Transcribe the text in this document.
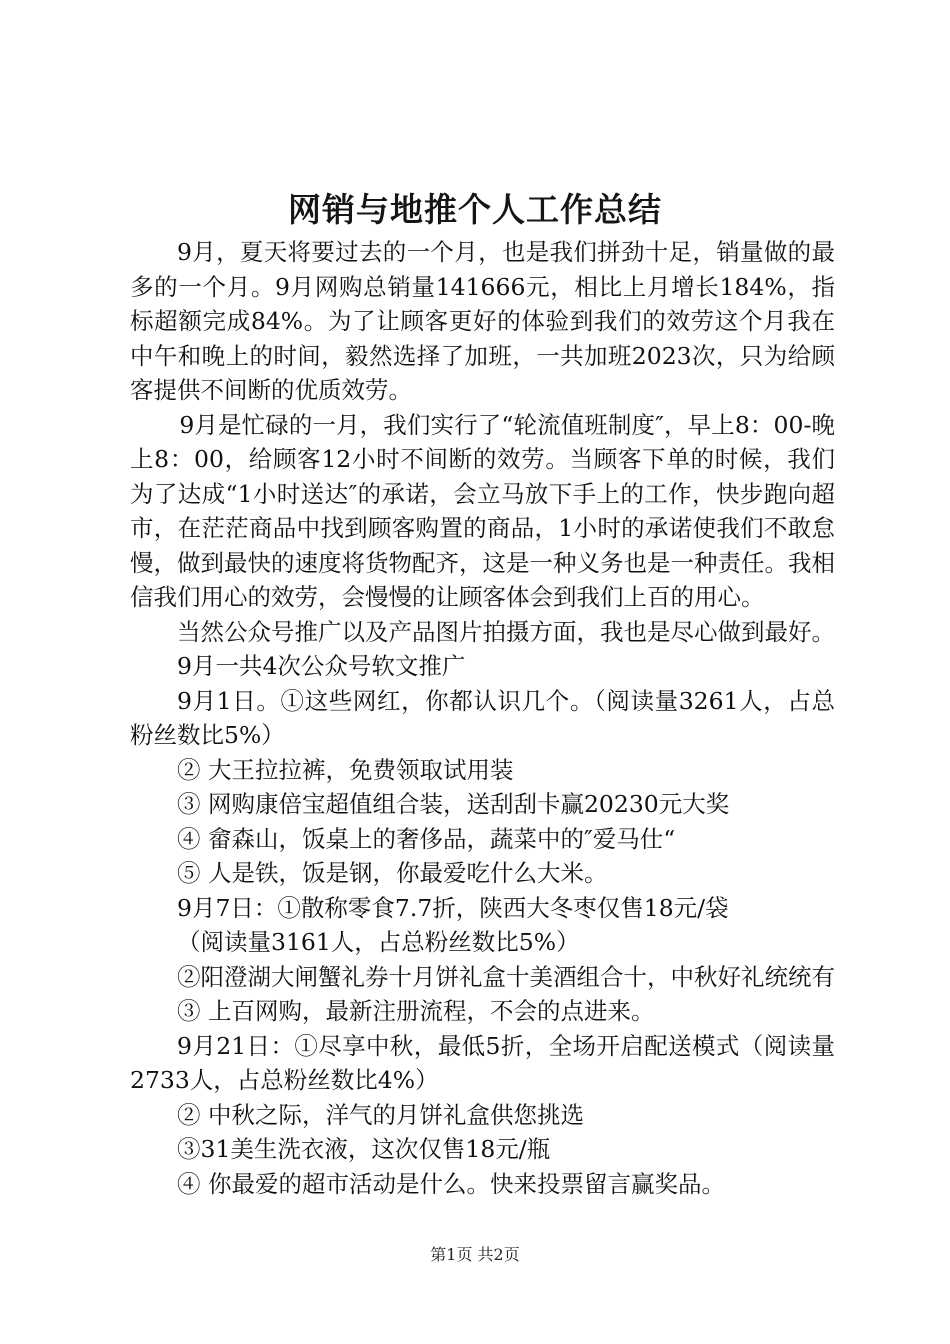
网销与地推个人工作总结

9月，夏天将要过去的一个月，也是我们拼劲十足，销量做的最多的一个月。9月网购总销量141666元，相比上月增长184%，指标超额完成84%。为了让顾客更好的体验到我们的效劳这个月我在中午和晚上的时间，毅然选择了加班，一共加班2023次，只为给顾客提供不间断的优质效劳。

9月是忙碌的一月，我们实行了“轮流值班制度″，早上8：00-晚上8：00，给顾客12小时不间断的效劳。当顾客下单的时候，我们为了达成“1小时送达″的承诺，会立马放下手上的工作，快步跑向超市，在茫茫商品中找到顾客购置的商品，1小时的承诺使我们不敢怠慢，做到最快的速度将货物配齐，这是一种义务也是一种责任。我相信我们用心的效劳，会慢慢的让顾客体会到我们上百的用心。

当然公众号推广以及产品图片拍摄方面，我也是尽心做到最好。

9月一共4次公众号软文推广

9月1日。①这些网红，你都认识几个。（阅读量3261人，占总粉丝数比5%）

② 大王拉拉裤，免费领取试用装

③ 网购康倍宝超值组合装，送刮刮卡赢20230元大奖

④ 畲森山，饭桌上的奢侈品，蔬菜中的″爱马仕“

⑤ 人是铁，饭是钢，你最爱吃什么大米。

9月7日：①散称零食7.7折，陕西大冬枣仅售18元/袋

（阅读量3161人，占总粉丝数比5%）

②阳澄湖大闸蟹礼券十月饼礼盒十美酒组合十，中秋好礼统统有

③ 上百网购，最新注册流程，不会的点进来。

9月21日：①尽享中秋，最低5折，全场开启配送模式（阅读量2733人，占总粉丝数比4%）

② 中秋之际，洋气的月饼礼盒供您挑选

③31美生洗衣液，这次仅售18元/瓶

④ 你最爱的超市活动是什么。快来投票留言赢奖品。

第1页 共2页
